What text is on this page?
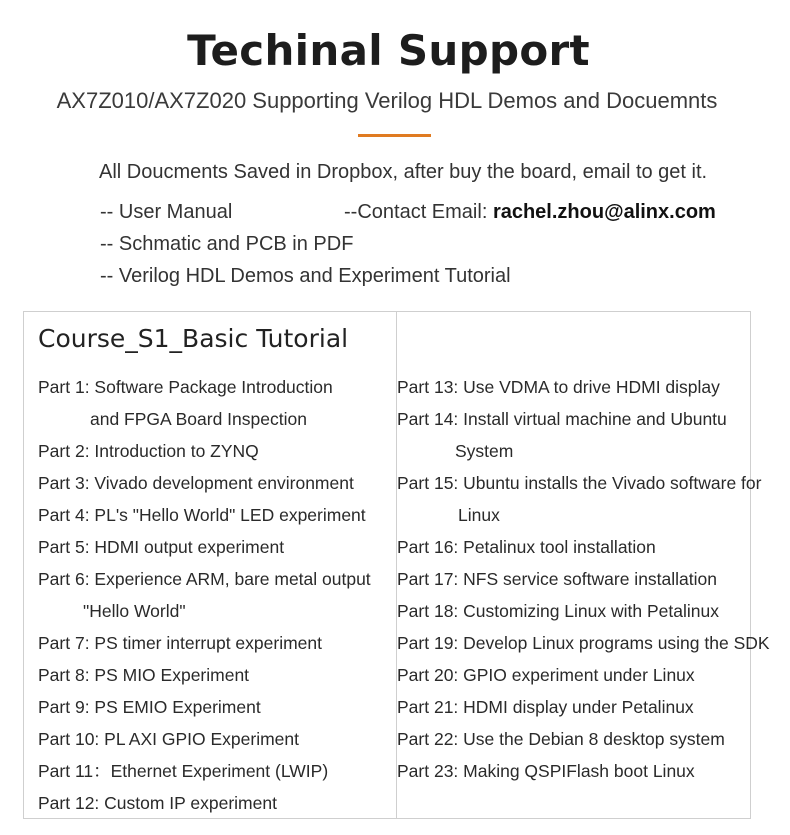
Techinal Support
AX7Z010/AX7Z020 Supporting Verilog HDL Demos and Docuemnts
All Doucments Saved in Dropbox, after buy the board, email to get it.
-- User Manual
-- Schmatic and PCB in PDF
-- Verilog HDL Demos and Experiment Tutorial
--Contact Email: rachel.zhou@alinx.com
Course_S1_Basic Tutorial
Part 1: Software Package Introduction
and FPGA Board Inspection
Part 2: Introduction to ZYNQ
Part 3: Vivado development environment
Part 4: PL's "Hello World" LED experiment
Part 5: HDMI output experiment
Part 6: Experience ARM, bare metal output
"Hello World"
Part 7: PS timer interrupt experiment
Part 8: PS MIO Experiment
Part 9: PS EMIO Experiment
Part 10: PL AXI GPIO Experiment
Part 11：Ethernet Experiment (LWIP)
Part 12: Custom IP experiment
Part 13: Use VDMA to drive HDMI display
Part 14: Install virtual machine and Ubuntu
System
Part 15: Ubuntu installs the Vivado software for
Linux
Part 16: Petalinux tool installation
Part 17: NFS service software installation
Part 18: Customizing Linux with Petalinux
Part 19: Develop Linux programs using the SDK
Part 20: GPIO experiment under Linux
Part 21: HDMI display under Petalinux
Part 22: Use the Debian 8 desktop system
Part 23: Making QSPIFlash boot Linux
